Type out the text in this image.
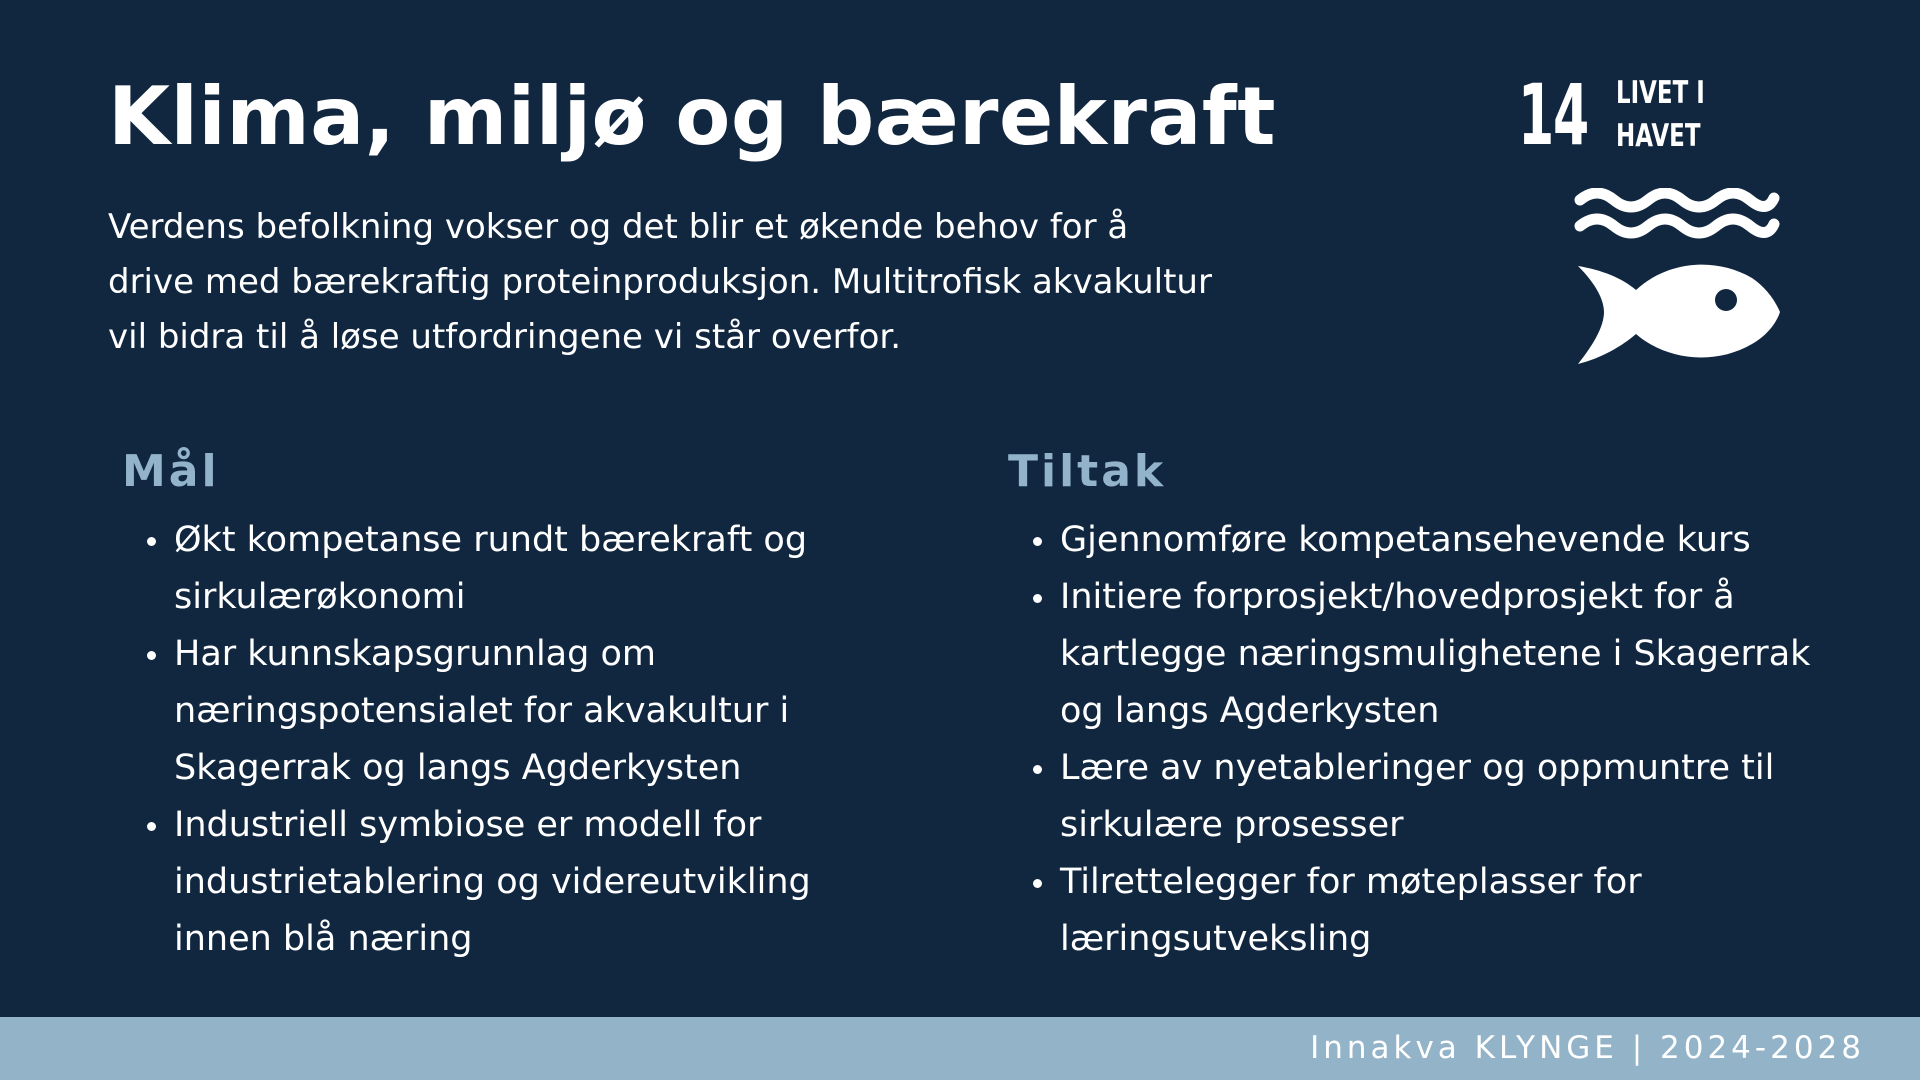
Klima, miljø og bærekraft

Verdens befolkning vokser og det blir et økende behov for å drive med bærekraftig proteinproduksjon. Multitrofisk akvakultur vil bidra til å løse utfordringene vi står overfor.

14 LIVET I
HAVET
Mål
Økt kompetanse rundt bærekraft og sirkulærøkonomi
Har kunnskapsgrunnlag om næringspotensialet for akvakultur i Skagerrak og langs Agderkysten
Industriell symbiose er modell for industrietablering og videreutvikling innen blå næring
Tiltak
Gjennomføre kompetansehevende kurs
Initiere forprosjekt/hovedprosjekt for å kartlegge næringsmulighetene i Skagerrak og langs Agderkysten
Lære av nyetableringer og oppmuntre til sirkulære prosesser
Tilrettelegger for møteplasser for læringsutveksling
Innakva KLYNGE | 2024-2028
